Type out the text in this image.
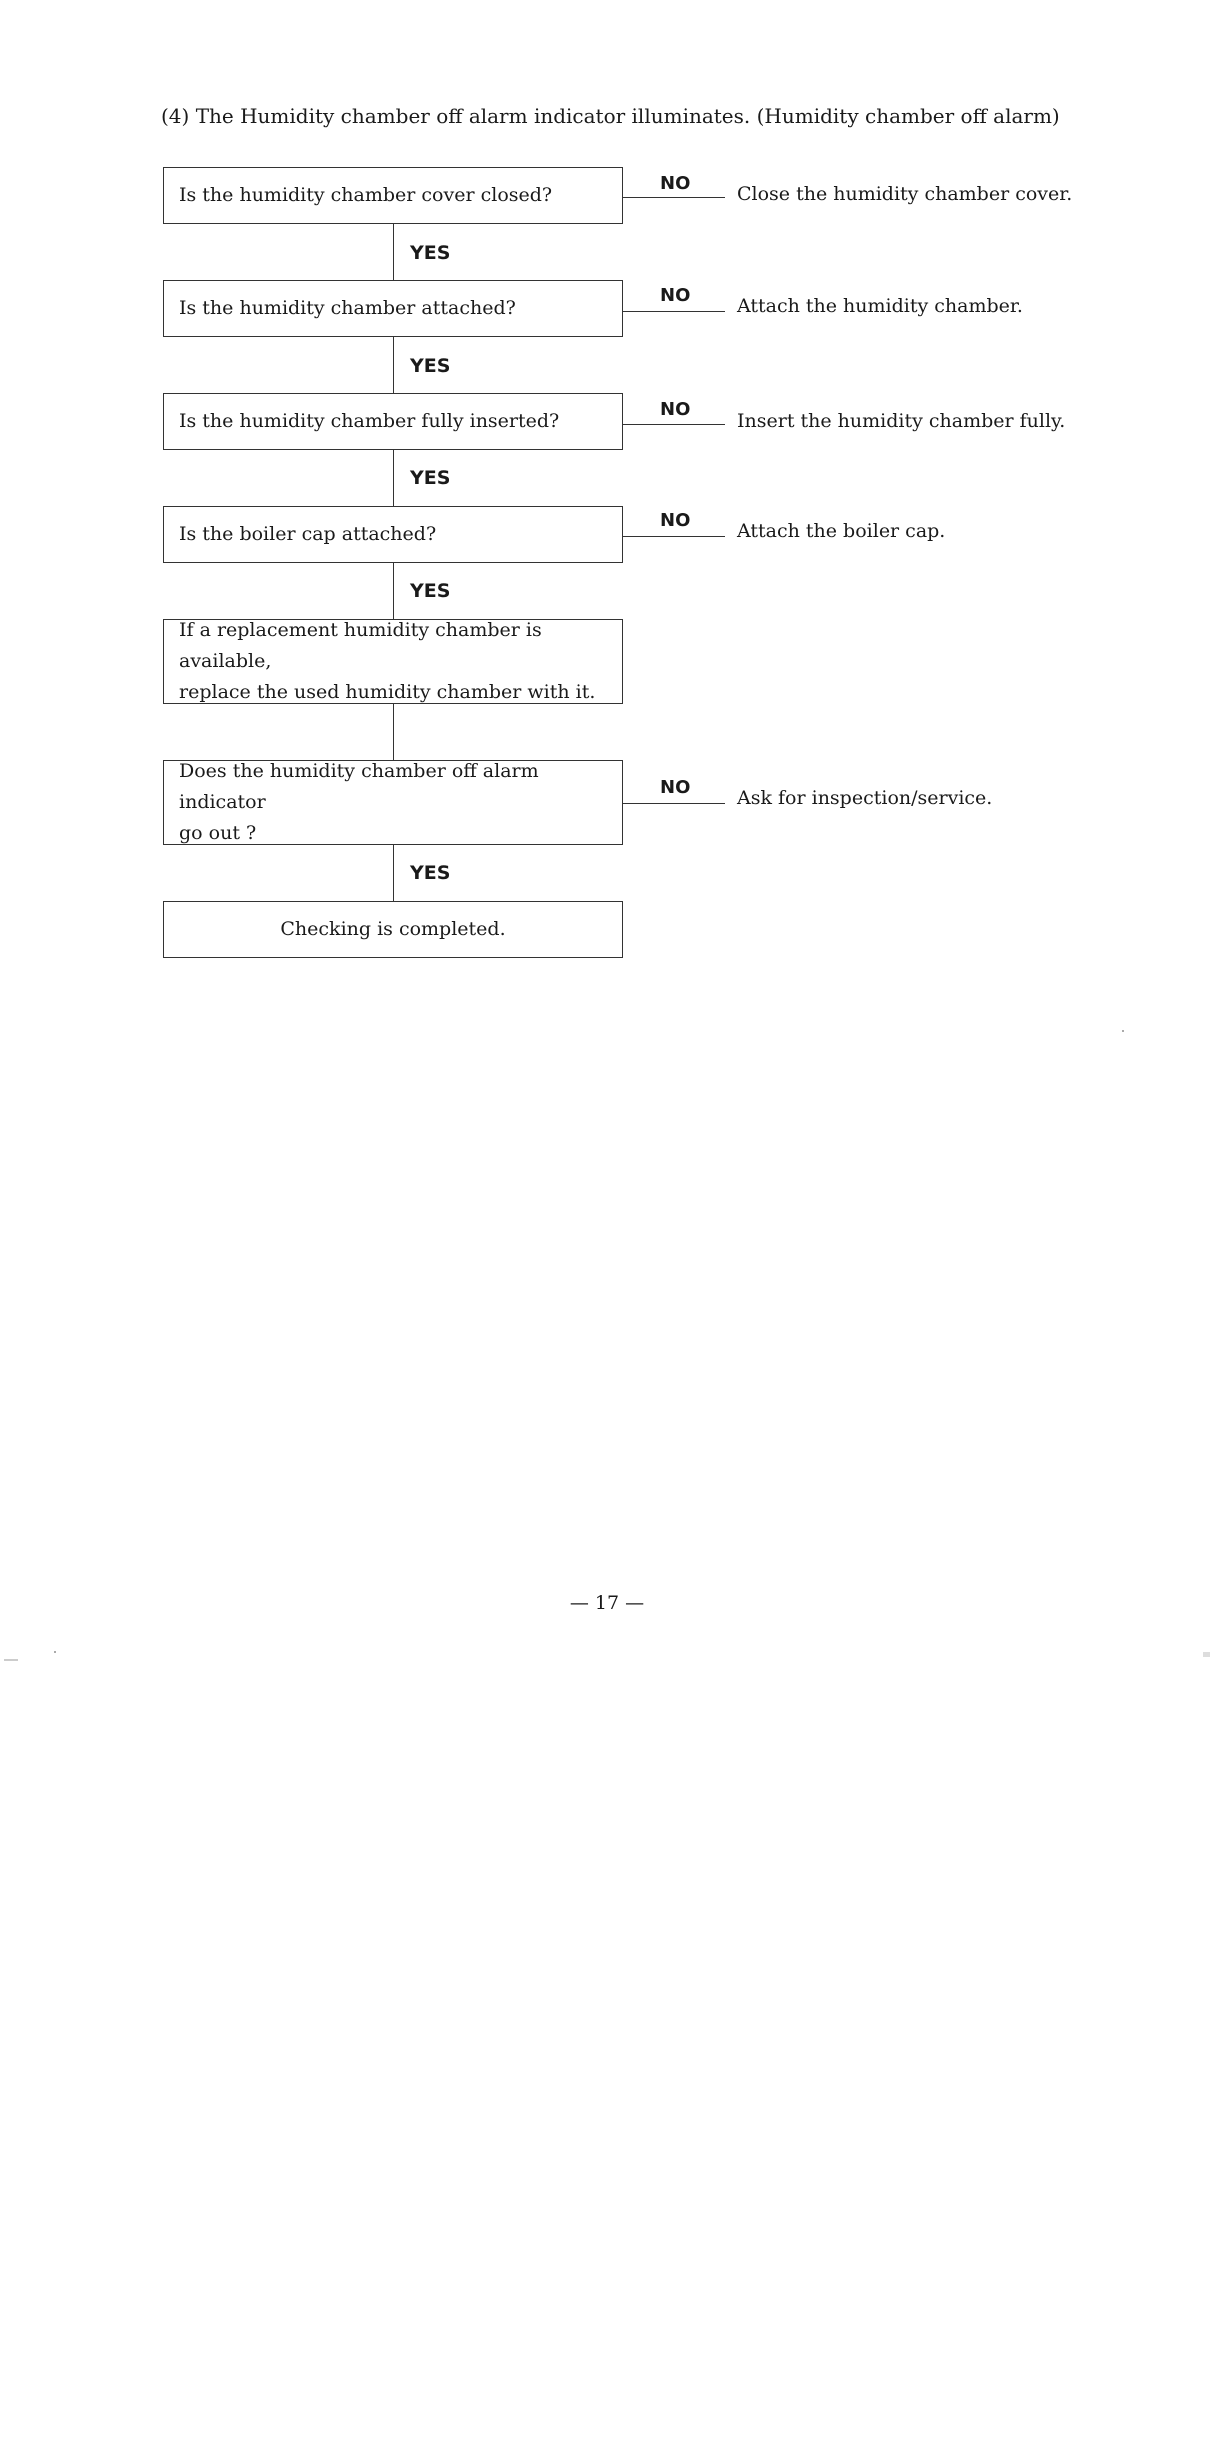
(4) The Humidity chamber off alarm indicator illuminates. (Humidity chamber off alarm)
Is the humidity chamber cover closed?
NO Close the humidity chamber cover.
YES
Is the humidity chamber attached?
NO Attach the humidity chamber.
YES
Is the humidity chamber fully inserted?
NO
Insert the humidity chamber fully.
YES
Is the boiler cap attached?
NO Attach the boiler cap.
YES
If a replacement humidity chamber is available,
replace the used humidity chamber with it.
Does the humidity chamber off alarm indicator
go out ?
NO Ask for inspection/service.
YES
Checking is completed.
— 17 —
